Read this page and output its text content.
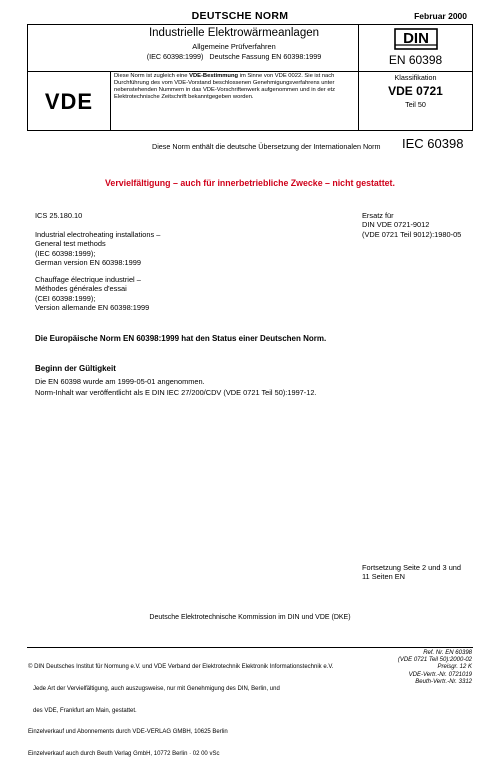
DEUTSCHE NORM	Februar 2000
Industrielle Elektrowärmeanlagen
Allgemeine Prüfverfahren
(IEC 60398:1999)   Deutsche Fassung EN 60398:1999
DIN
EN 60398
VDE
Diese Norm ist zugleich eine VDE-Bestimmung im Sinne von VDE 0022. Sie ist nach Durchführung des vom VDE-Vorstand beschlossenen Genehmigungsverfahrens unter nebenstehenden Nummern in das VDE-Vorschriftenwerk aufgenommen und in der etz Elektrotechnische Zeitschrift bekanntgegeben worden.
Klassifikation
VDE 0721
Teil 50
Diese Norm enthält die deutsche Übersetzung der Internationalen Norm IEC 60398
Vervielfältigung – auch für innerbetriebliche Zwecke – nicht gestattet.
ICS 25.180.10	Ersatz für
DIN VDE 0721-9012
(VDE 0721 Teil 9012):1980-05
Industrial electroheating installations –
General test methods
(IEC 60398:1999);
German version EN 60398:1999
Chauffage électrique industriel –
Méthodes générales d'essai
(CEI 60398:1999);
Version allemande EN 60398:1999
Die Europäische Norm EN 60398:1999 hat den Status einer Deutschen Norm.
Beginn der Gültigkeit
Die EN 60398 wurde am 1999-05-01 angenommen.
Norm-Inhalt war veröffentlicht als E DIN IEC 27/200/CDV (VDE 0721 Teil 50):1997-12.
Fortsetzung Seite 2 und 3 und
11 Seiten EN
Deutsche Elektrotechnische Kommission im DIN und VDE (DKE)

© DIN Deutsches Institut für Normung e.V. und VDE Verband der Elektrotechnik Elektronik Informationstechnik e.V.

Jede Art der Vervielfältigung, auch auszugsweise, nur mit Genehmigung des DIN, Berlin, und

des VDE, Frankfurt am Main, gestattet.

Einzelverkauf und Abonnements durch VDE-VERLAG GMBH, 10625 Berlin

Einzelverkauf auch durch Beuth Verlag GmbH, 10772 Berlin · 02 00 vSc

Ref. Nr. EN 60398
(VDE 0721 Teil 50):2000-02
Preisgr. 12 K
VDE-Vertr.-Nr. 0721019
Beuth-Vertr.-Nr. 3312
